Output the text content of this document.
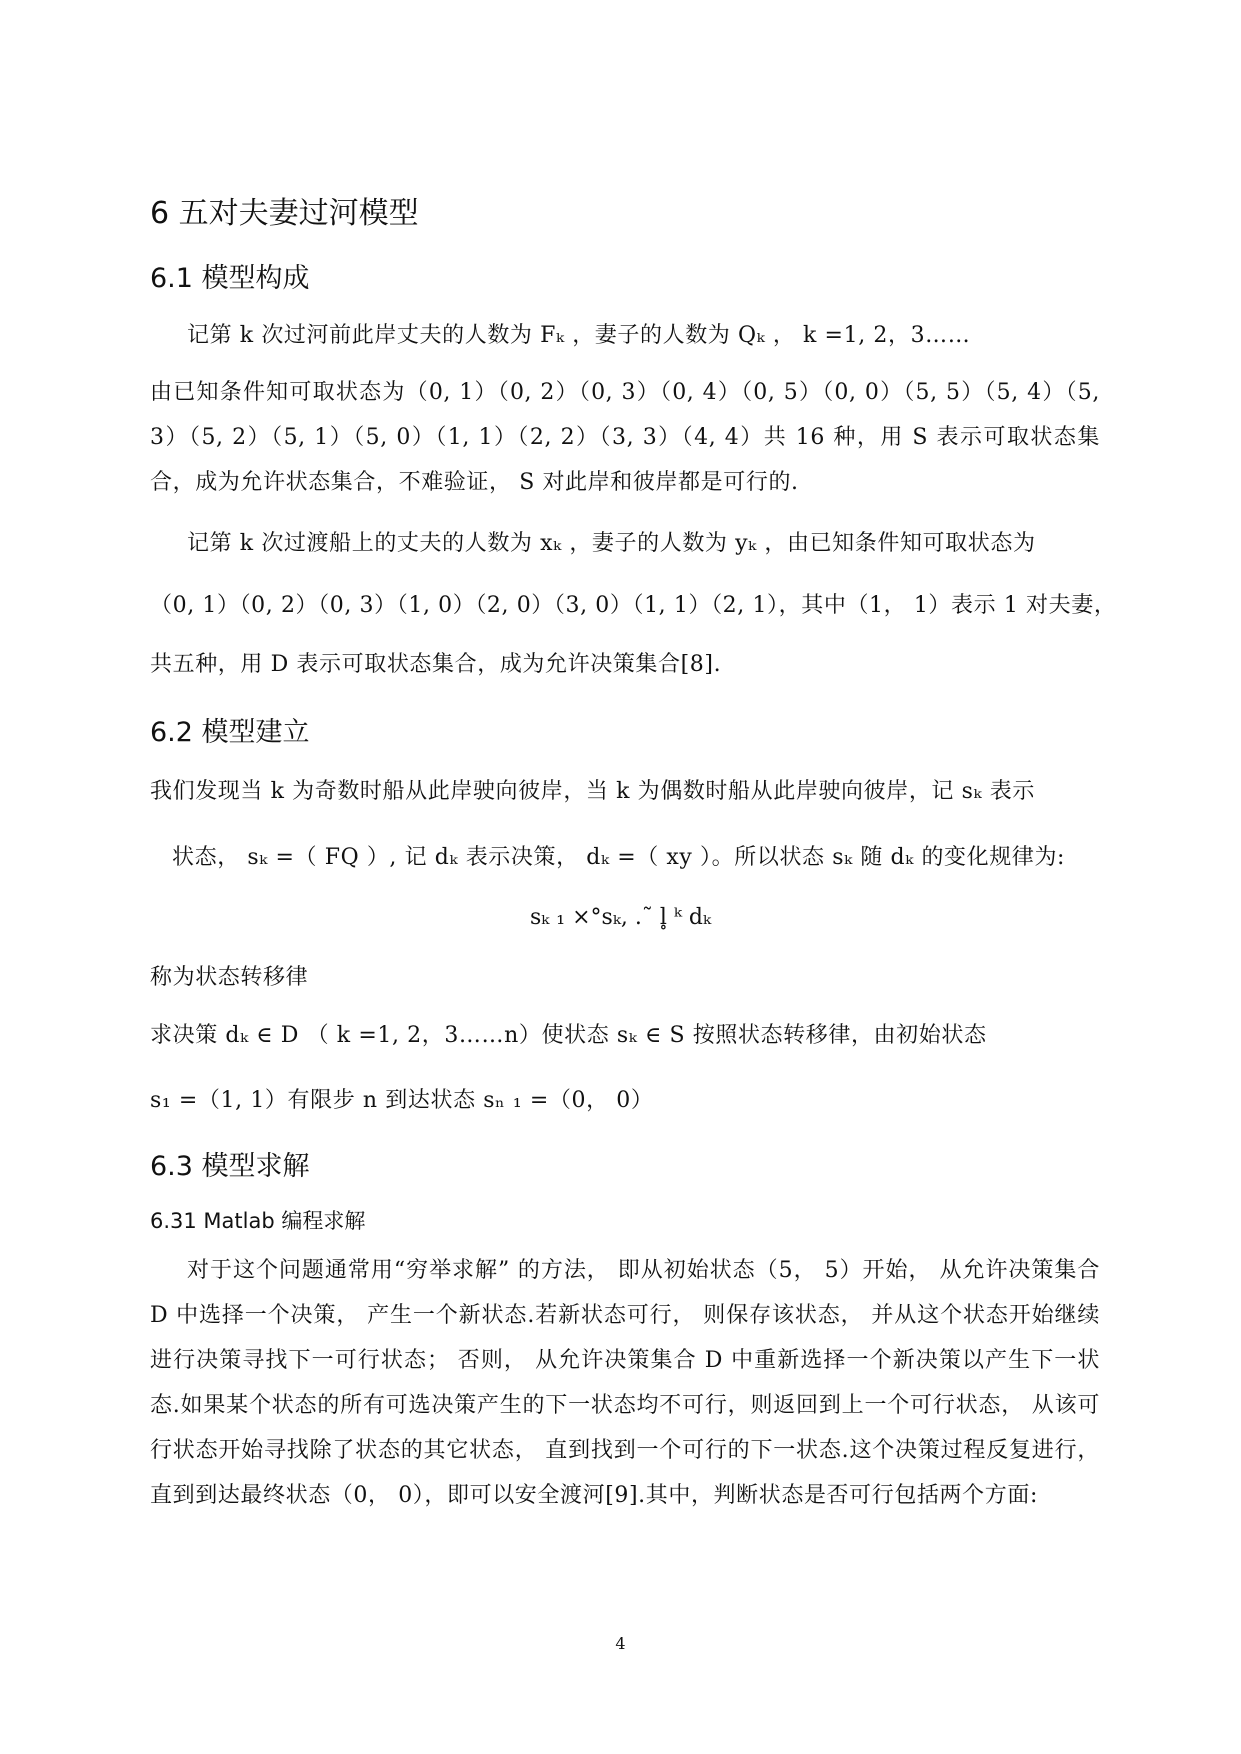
6 五对夫妻过河模型
6.1 模型构成
记第 k 次过河前此岸丈夫的人数为 Fₖ ，妻子的人数为 Qₖ ， k =1, 2，3……
由已知条件知可取状态为（0, 1）（0, 2）（0, 3）（0, 4）（0, 5）（0, 0）（5, 5）（5, 4）（5, 3）（5, 2）（5, 1）（5, 0）（1, 1）（2, 2）（3, 3）（4, 4）共 16 种，用 S 表示可取状态集合，成为允许状态集合，不难验证， S 对此岸和彼岸都是可行的.
记第 k 次过渡船上的丈夫的人数为 xₖ ，妻子的人数为 yₖ ，由已知条件知可取状态为
（0, 1）（0, 2）（0, 3）（1, 0）（2, 0）（3, 0）（1, 1）（2, 1），其中（1， 1）表示 1 对夫妻，
共五种，用 D 表示可取状态集合，成为允许决策集合[8].
6.2 模型建立
我们发现当 k 为奇数时船从此岸驶向彼岸，当 k 为偶数时船从此岸驶向彼岸，记 sₖ 表示
状态， sₖ =（ FQ ）, 记 dₖ 表示决策， dₖ =（ xy ）。所以状态 sₖ 随 dₖ 的变化规律为:
sₖ ₁ ×°sₖ, .˜ l̥ ᵏ dₖ
称为状态转移律
求决策 dₖ ∈ D （ k =1, 2，3……n）使状态 sₖ ∈ S 按照状态转移律，由初始状态
s₁ =（1, 1）有限步 n 到达状态 sₙ ₁ =（0， 0）
6.3 模型求解
6.31 Matlab 编程求解
对于这个问题通常用“穷举求解” 的方法， 即从初始状态（5， 5）开始， 从允许决策集合 D 中选择一个决策， 产生一个新状态.若新状态可行， 则保存该状态， 并从这个状态开始继续进行决策寻找下一可行状态； 否则， 从允许决策集合 D 中重新选择一个新决策以产生下一状态.如果某个状态的所有可选决策产生的下一状态均不可行，则返回到上一个可行状态， 从该可行状态开始寻找除了状态的其它状态， 直到找到一个可行的下一状态.这个决策过程反复进行， 直到到达最终状态（0， 0），即可以安全渡河[9].其中，判断状态是否可行包括两个方面:
4
